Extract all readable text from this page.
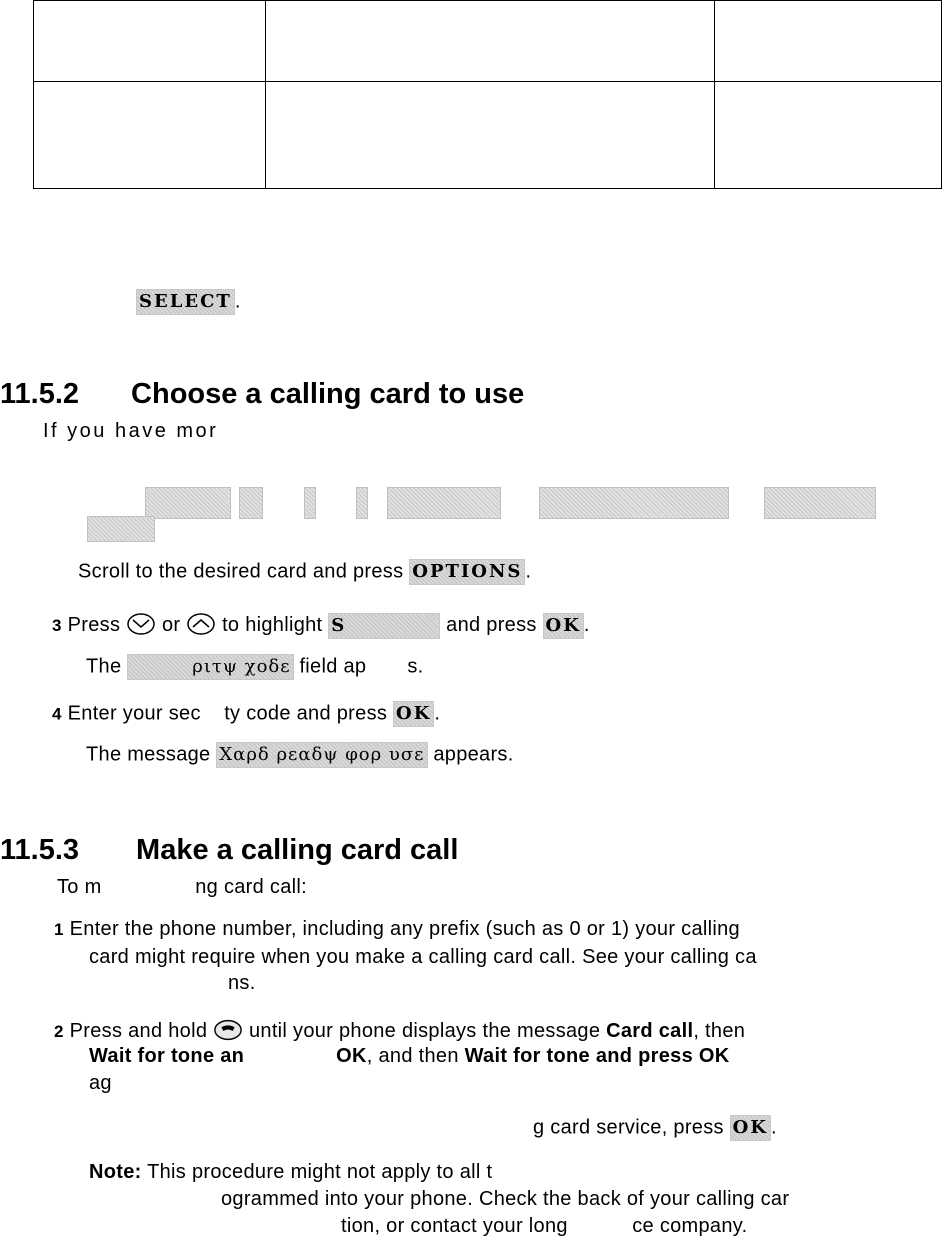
SELECT .
11.5.2 Choose a calling card to use
If you have mor

Scroll to the desired card and press OPTIONS .
3 Press or to highlight S	and press OK .
The	ριτψ χοδε field ap       s.
4 Enter your sec    ty code and press OK .
The message Χαρδ ρεαδψ φορ υσε appears.
11.5.3 Make a calling card call
To m                ng card call:
1 Enter the phone number, including any prefix (such as 0 or 1) your calling
card might require when you make a calling card call. See your calling ca
ns.
2 Press and hold until your phone displays the message Card call, then
Wait for tone an	OK, and then Wait for tone and press OK
ag
g card service, press OK .
Note: This procedure might not apply to all t
ogrammed into your phone. Check the back of your calling car
tion, or contact your long           ce company.
